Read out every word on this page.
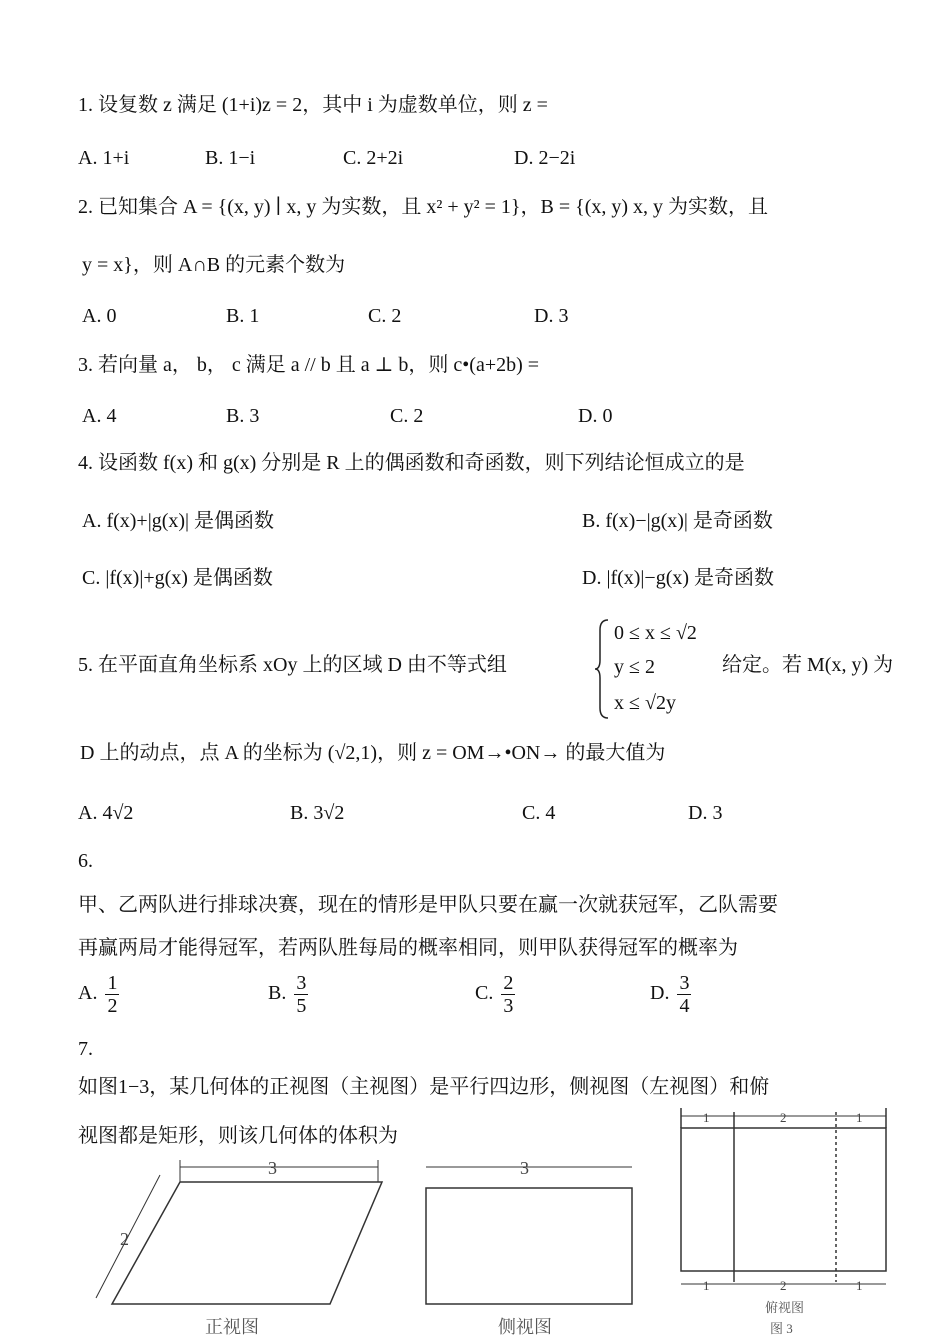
1. 设复数 z 满足 (1+i)z = 2，其中 i 为虚数单位，则 z =
A. 1+i	B. 1−i	C. 2+2i	D. 2−2i
2. 已知集合 A = {(x, y) ∣ x, y 为实数，且 x² + y² = 1}，B = {(x, y) x, y 为实数，且
y = x}，则 A∩B 的元素个数为
A. 0	B. 1	C. 2	D. 3
3. 若向量 a， b， c 满足 a // b 且 a ⊥ b，则 c•(a+2b) =
A. 4	B. 3	C. 2	D. 0
4. 设函数 f(x) 和 g(x) 分别是 R 上的偶函数和奇函数，则下列结论恒成立的是
A. f(x)+|g(x)| 是偶函数	B. f(x)−|g(x)| 是奇函数
C. |f(x)|+g(x) 是偶函数	D. |f(x)|−g(x) 是奇函数
5. 在平面直角坐标系 xOy 上的区域 D 由不等式组
0 ≤ x ≤ √2
y ≤ 2
x ≤ √2y
给定。若 M(x, y) 为
D 上的动点，点 A 的坐标为 (√2,1)，则 z = OM→•ON→ 的最大值为
A. 4√2	B. 3√2	C. 4	D. 3
6.
甲、乙两队进行排球决赛，现在的情形是甲队只要在赢一次就获冠军，乙队需要
再赢两局才能得冠军，若两队胜每局的概率相同，则甲队获得冠军的概率为
A. $\frac{1}{2}$	B. $\frac{3}{5}$	C. $\frac{2}{3}$	D. $\frac{3}{4}$
7.
如图1−3，某几何体的正视图（主视图）是平行四边形，侧视图（左视图）和俯
视图都是矩形，则该几何体的体积为
3
2
正视图
3
侧视图
1	2	1
1	2	1
俯视图
图 3
